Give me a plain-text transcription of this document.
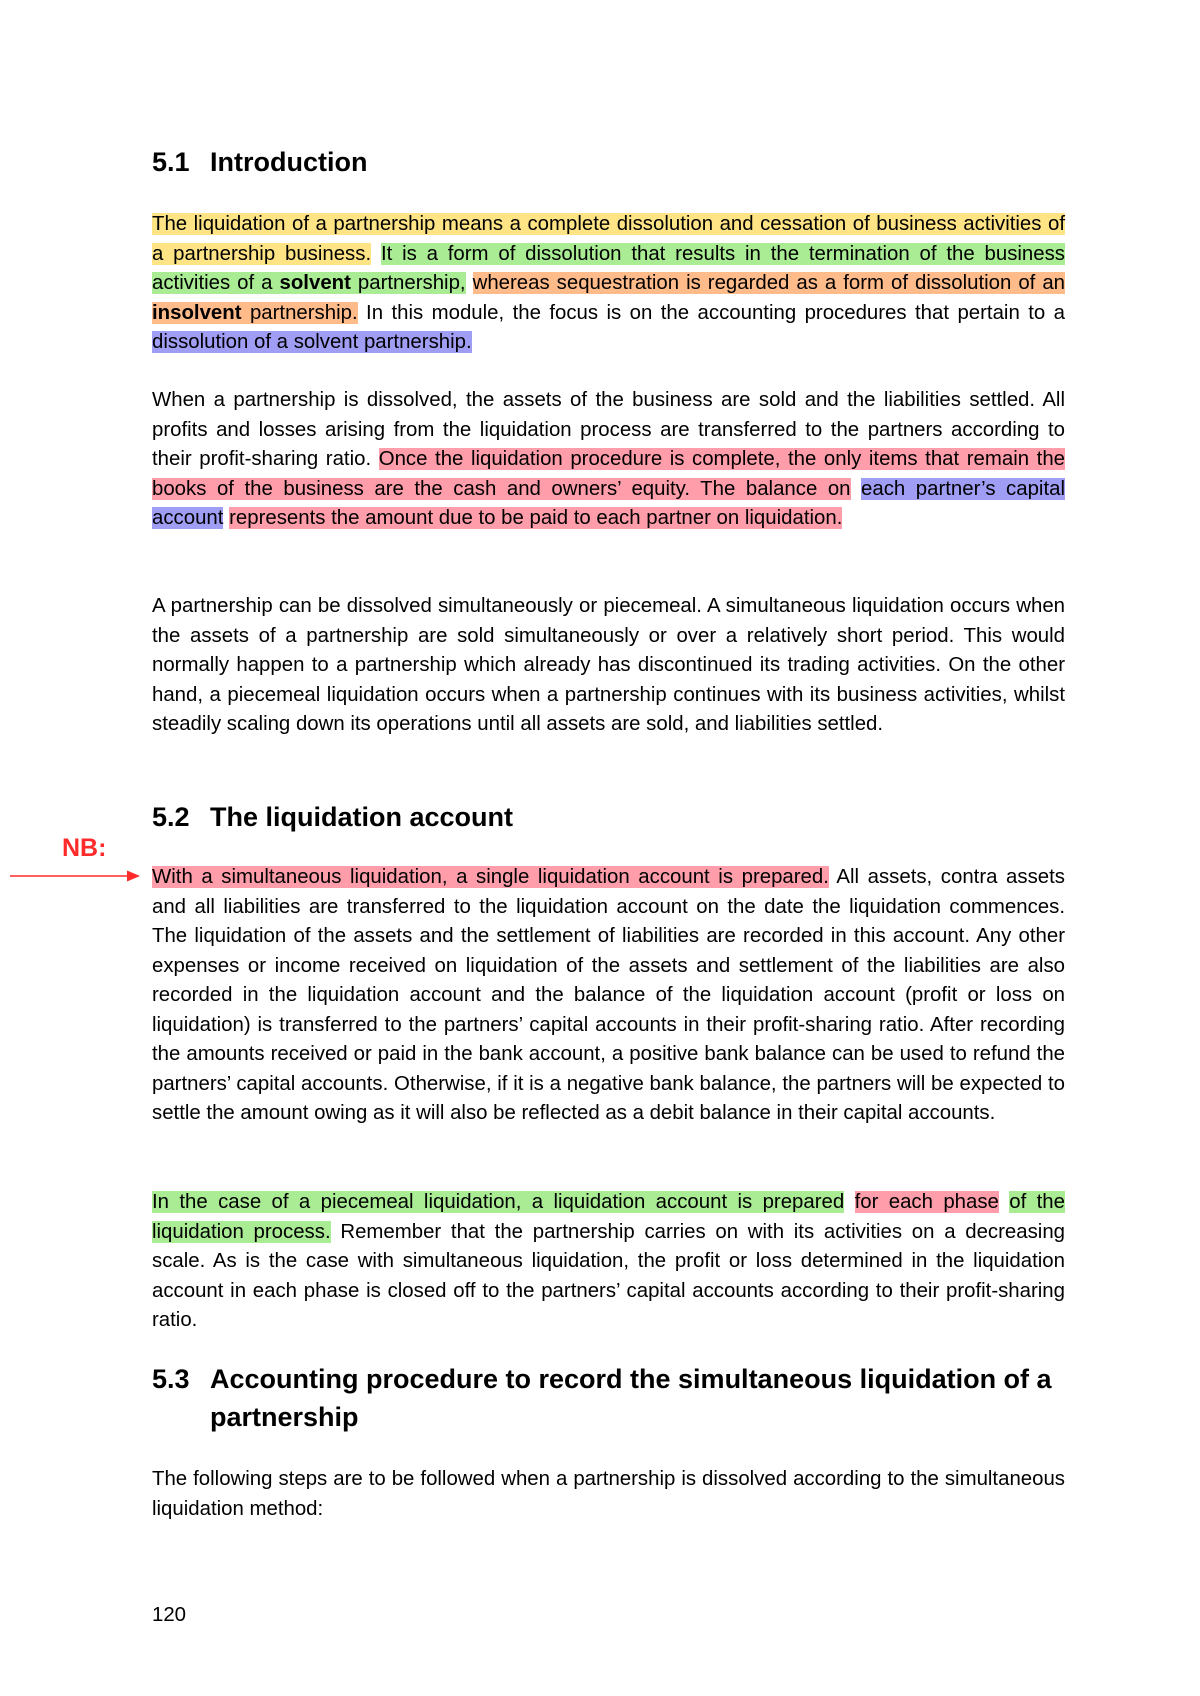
NB:
5.1 Introduction

The liquidation of a partnership means a complete dissolution and cessation of business activities of a partnership business. It is a form of dissolution that results in the termination of the business activities of a solvent partnership, whereas sequestration is regarded as a form of dissolution of an insolvent partnership. In this module, the focus is on the accounting procedures that pertain to a dissolution of a solvent partnership.

When a partnership is dissolved, the assets of the business are sold and the liabilities settled. All profits and losses arising from the liquidation process are transferred to the partners according to their profit-sharing ratio. Once the liquidation procedure is complete, the only items that remain the books of the business are the cash and owners’ equity. The balance on each partner’s capital account represents the amount due to be paid to each partner on liquidation.

A partnership can be dissolved simultaneously or piecemeal. A simultaneous liquidation occurs when the assets of a partnership are sold simultaneously or over a relatively short period. This would normally happen to a partnership which already has discontinued its trading activities. On the other hand, a piecemeal liquidation occurs when a partnership continues with its business activities, whilst steadily scaling down its operations until all assets are sold, and liabilities settled.

5.2 The liquidation account

With a simultaneous liquidation, a single liquidation account is prepared. All assets, contra assets and all liabilities are transferred to the liquidation account on the date the liquidation commences. The liquidation of the assets and the settlement of liabilities are recorded in this account. Any other expenses or income received on liquidation of the assets and settlement of the liabilities are also recorded in the liquidation account and the balance of the liquidation account (profit or loss on liquidation) is transferred to the partners’ capital accounts in their profit-sharing ratio. After recording the amounts received or paid in the bank account, a positive bank balance can be used to refund the partners’ capital accounts. Otherwise, if it is a negative bank balance, the partners will be expected to settle the amount owing as it will also be reflected as a debit balance in their capital accounts.

In the case of a piecemeal liquidation, a liquidation account is prepared for each phase of the liquidation process. Remember that the partnership carries on with its activities on a decreasing scale. As is the case with simultaneous liquidation, the profit or loss determined in the liquidation account in each phase is closed off to the partners’ capital accounts according to their profit-sharing ratio.

5.3 Accounting procedure to record the simultaneous liquidation of a partnership

The following steps are to be followed when a partnership is dissolved according to the simultaneous liquidation method:

120
